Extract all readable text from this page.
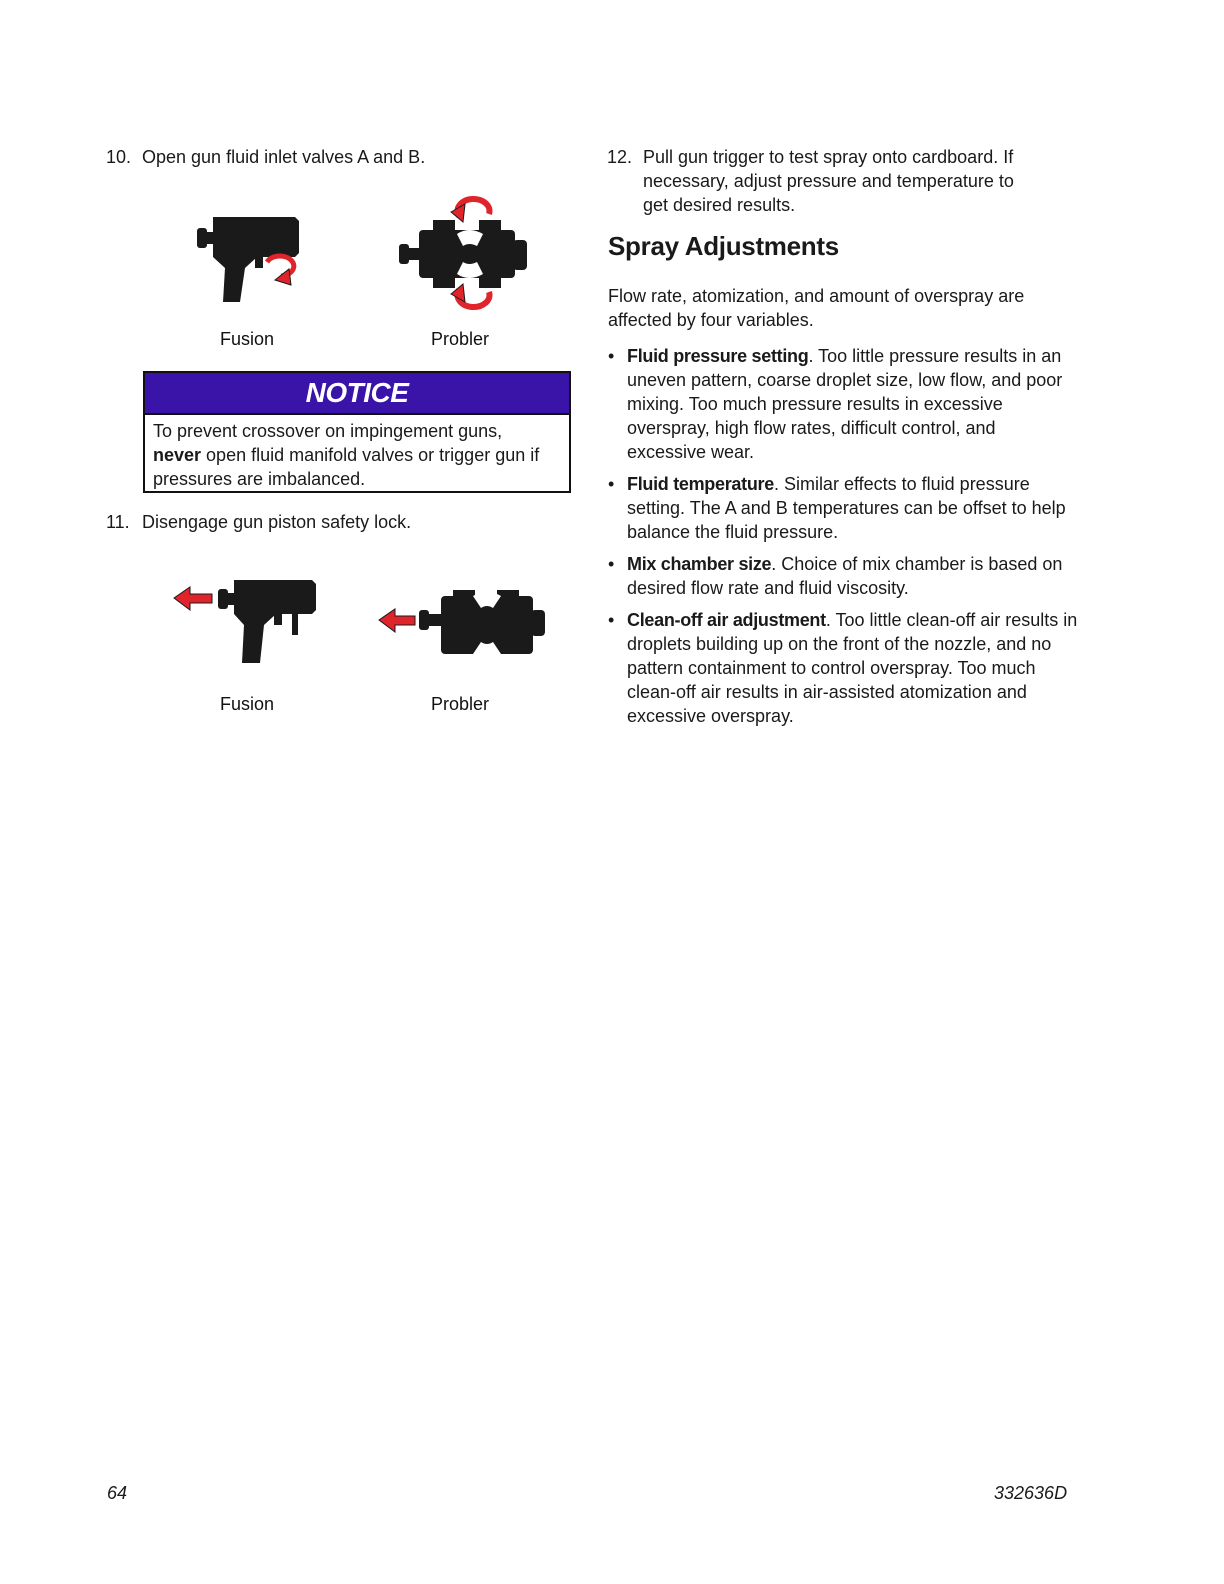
10. Open gun fluid inlet valves A and B.
Fusion	Probler
NOTICE
To prevent crossover on impingement guns,
never open fluid manifold valves or trigger gun if pressures are imbalanced.
11. Disengage gun piston safety lock.
Fusion	Probler
12. Pull gun trigger to test spray onto cardboard. If
necessary, adjust pressure and temperature to
get desired results.
Spray Adjustments

Flow rate, atomization, and amount of overspray are affected by four variables.

• Fluid pressure setting. Too little pressure results in an uneven pattern, coarse droplet size, low flow, and poor mixing. Too much pressure results in excessive overspray, high flow rates, difficult control, and excessive wear.
• Fluid temperature. Similar effects to fluid pressure setting. The A and B temperatures can be offset to help balance the fluid pressure.
• Mix chamber size. Choice of mix chamber is based on desired flow rate and fluid viscosity.
• Clean-off air adjustment. Too little clean-off air results in droplets building up on the front of the nozzle, and no pattern containment to control overspray. Too much clean-off air results in air-assisted atomization and excessive overspray.
64	332636D
